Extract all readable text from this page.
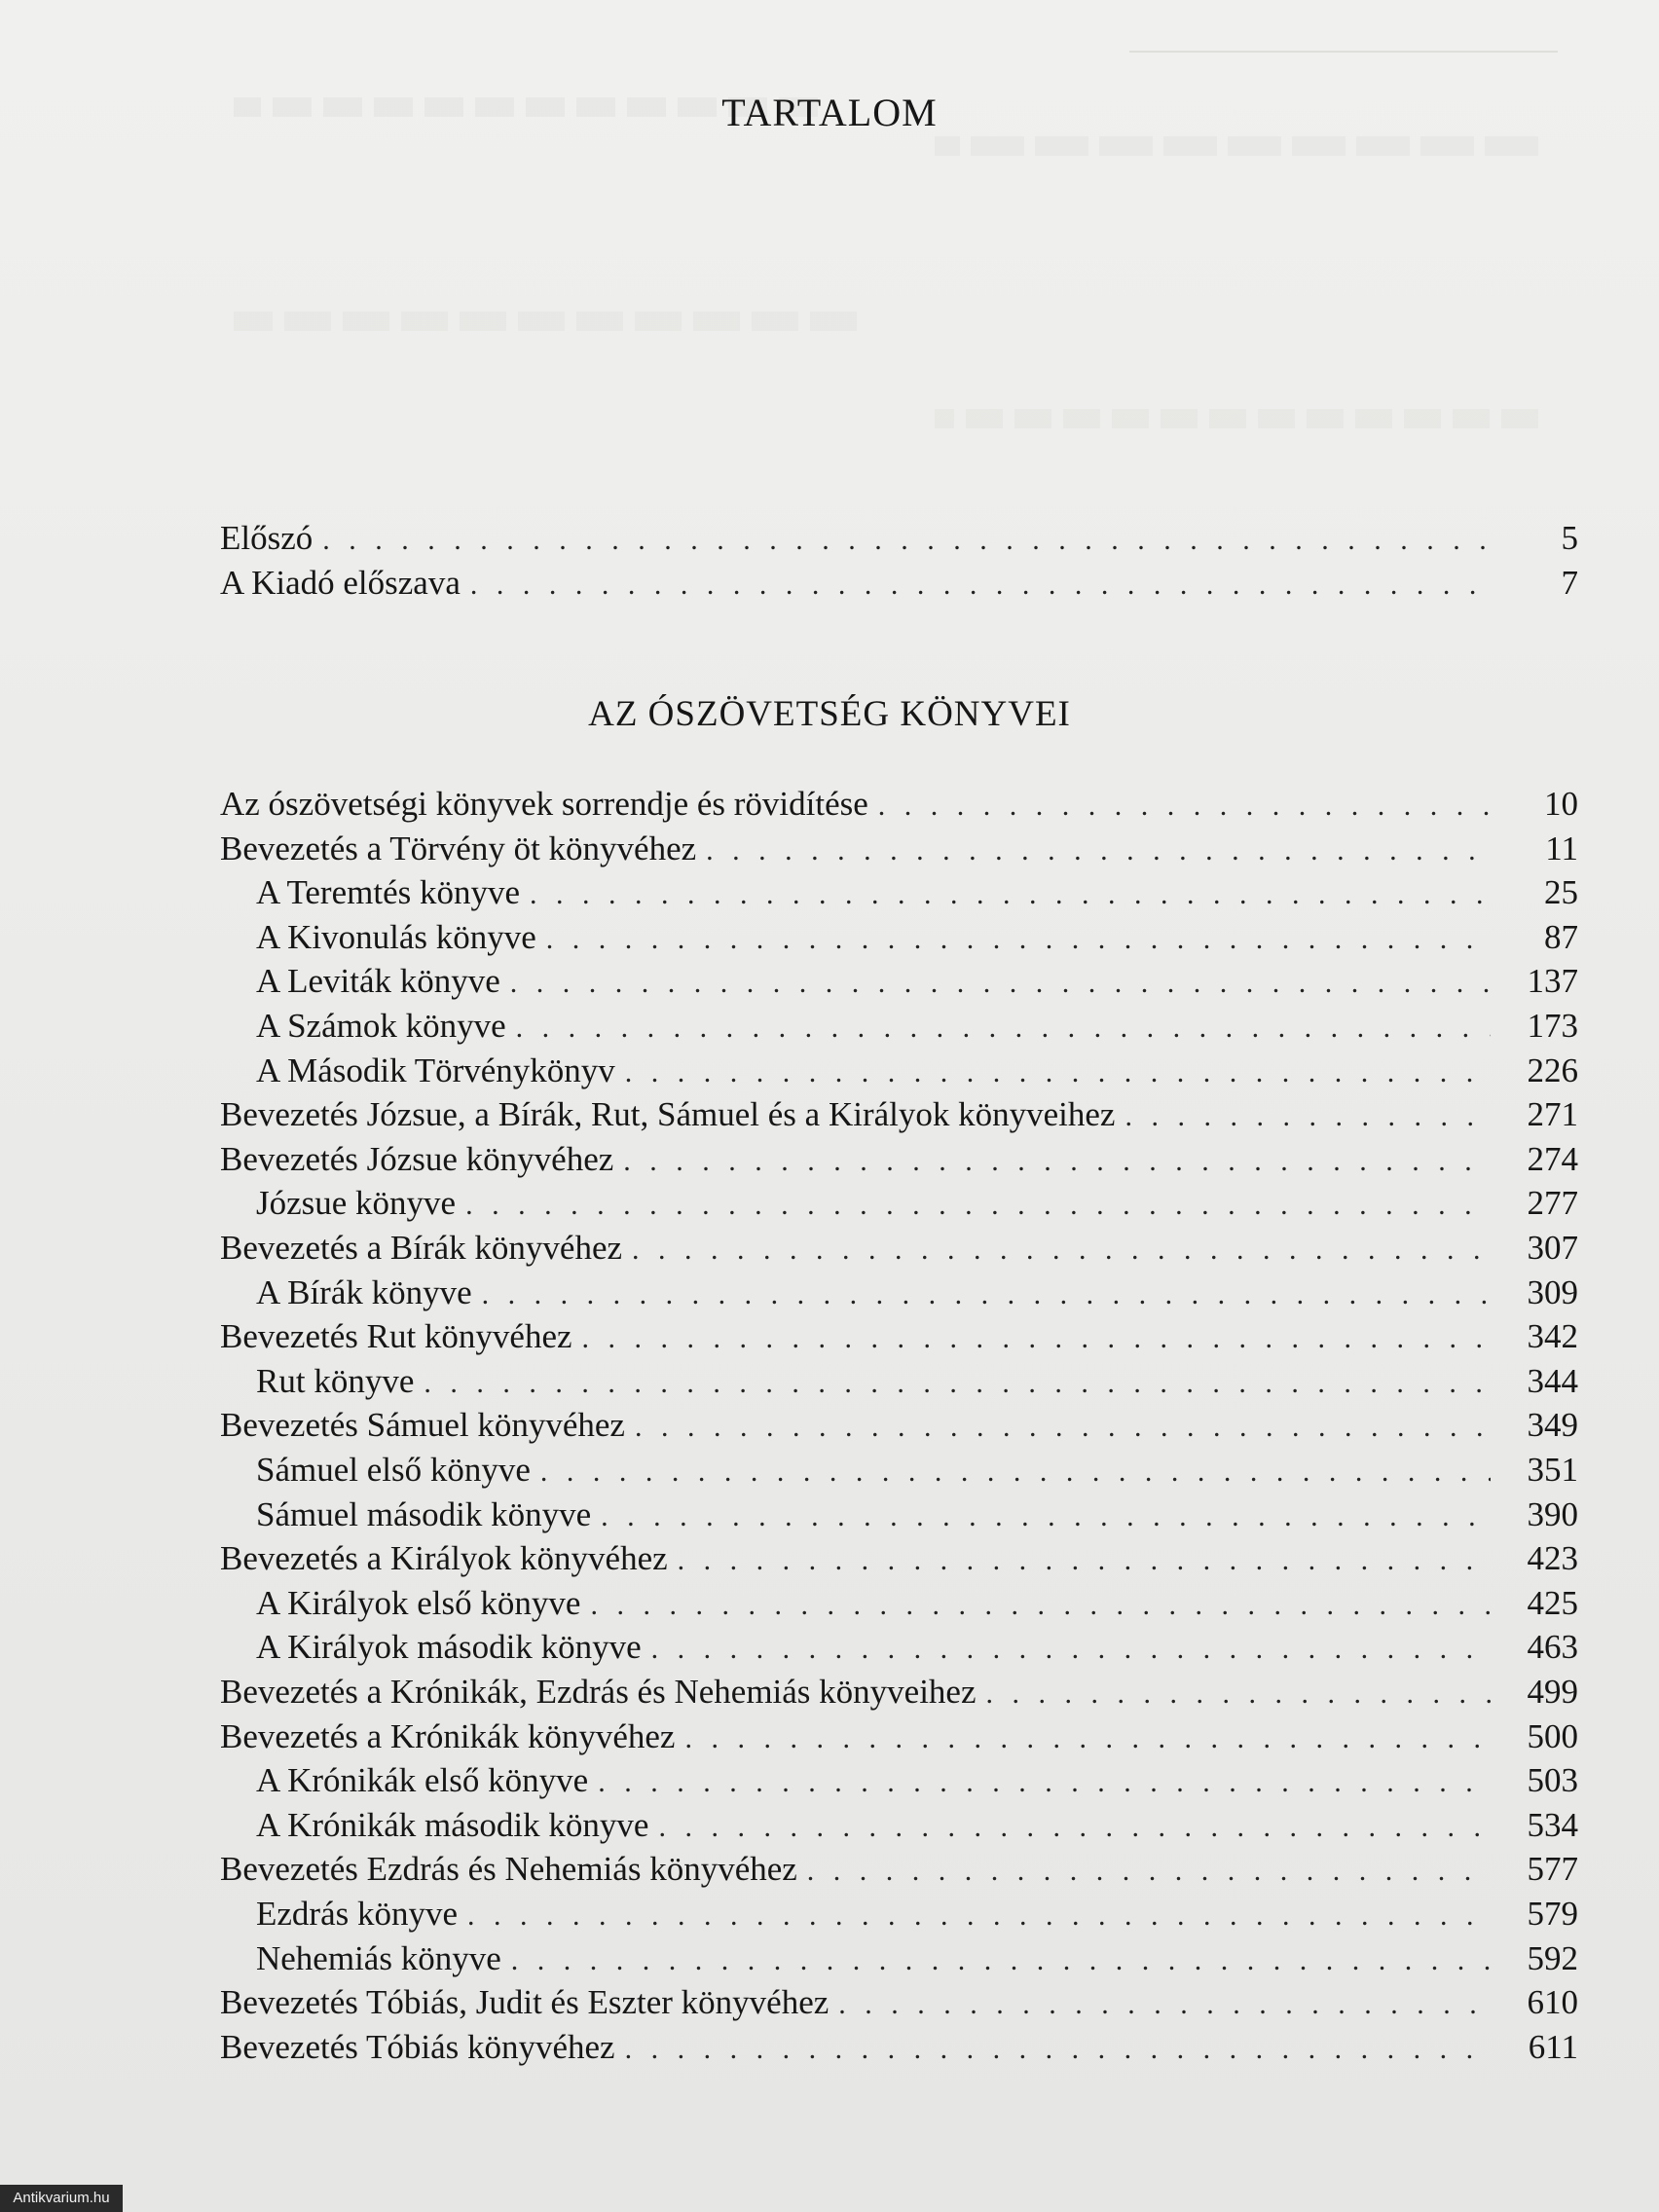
TARTALOM
Előszó . . .	5
A Kiadó előszava . . .	7
AZ ÓSZÖVETSÉG KÖNYVEI
Az ószövetségi könyvek sorrendje és rövidítése . . .	10
Bevezetés a Törvény öt könyvéhez . . .	11
A Teremtés könyve . . .	25
A Kivonulás könyve . . .	87
A Leviták könyve . . .	137
A Számok könyve . . .	173
A Második Törvénykönyv . . .	226
Bevezetés Józsue, a Bírák, Rut, Sámuel és a Királyok könyveihez . . .	271
Bevezetés Józsue könyvéhez . . .	274
Józsue könyve . . .	277
Bevezetés a Bírák könyvéhez . . .	307
A Bírák könyve . . .	309
Bevezetés Rut könyvéhez . . .	342
Rut könyve . . .	344
Bevezetés Sámuel könyvéhez . . .	349
Sámuel első könyve . . .	351
Sámuel második könyve . . .	390
Bevezetés a Királyok könyvéhez . . .	423
A Királyok első könyve . . .	425
A Királyok második könyve . . .	463
Bevezetés a Krónikák, Ezdrás és Nehemiás könyveihez . . .	499
Bevezetés a Krónikák könyvéhez . . .	500
A Krónikák első könyve . . .	503
A Krónikák második könyve . . .	534
Bevezetés Ezdrás és Nehemiás könyvéhez . . .	577
Ezdrás könyve . . .	579
Nehemiás könyve . . .	592
Bevezetés Tóbiás, Judit és Eszter könyvéhez . . .	610
Bevezetés Tóbiás könyvéhez . . .	611
Antikvarium.hu
